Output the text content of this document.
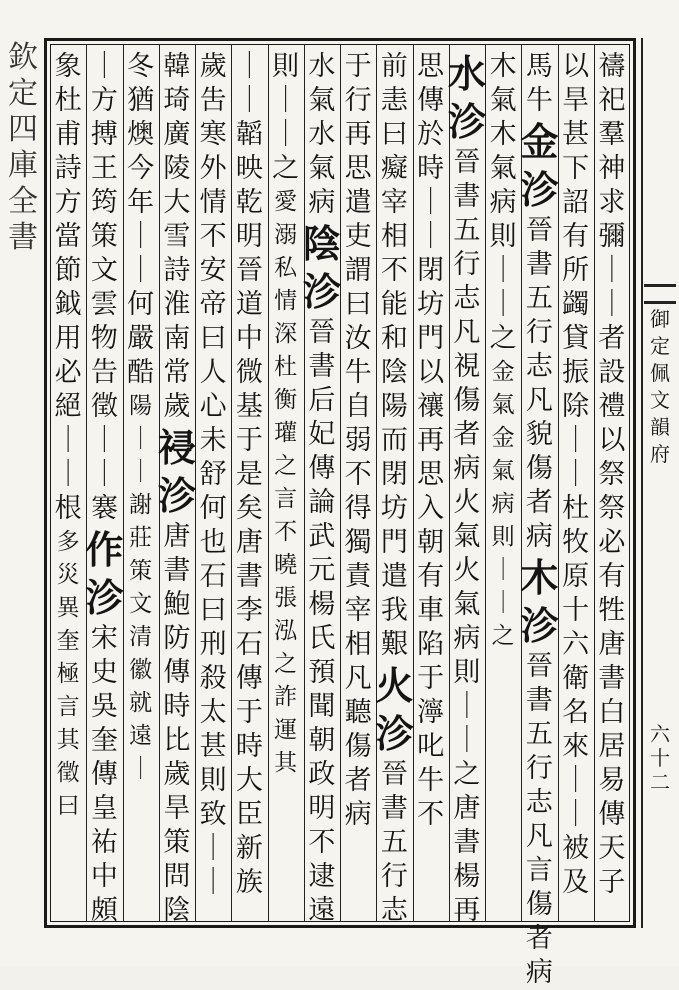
欽
定
四
庫
全
書
御
定
佩
文
韻
府
六
十
二
禱
祀
羣
神
求
彌
｜
｜
者
設
禮
以
祭
祭
必
有
牲
唐
書
白
居
易
傳
天
子
以
旱
甚
下
詔
有
所
蠲
貸
振
除
｜
｜
杜
牧
原
十
六
衛
名
來
｜
｜
被
及
馬
牛
金
沴
晉
書
五
行
志
凡
貌
傷
者
病
木
沴
晉
書
五
行
志
凡
言
傷
者
病
木
氣
木
氣
病
則
｜
｜
之
金
氣
金
氣
病
則
｜
｜
之
水
沴
晉
書
五
行
志
凡
視
傷
者
病
火
氣
火
氣
病
則
｜
｜
之
唐
書
楊
再
思
傳
於
時
｜
｜
閉
坊
門
以
禳
再
思
入
朝
有
車
陷
于
濘
叱
牛
不
前
恚
曰
癡
宰
相
不
能
和
陰
陽
而
閉
坊
門
遣
我
艱
火
沴
晉
書
五
行
志
于
行
再
思
遣
吏
謂
曰
汝
牛
自
弱
不
得
獨
責
宰
相
凡
聽
傷
者
病
水
氣
水
氣
病
陰
沴
晉
書
后
妃
傳
論
武
元
楊
氏
預
聞
朝
政
明
不
逮
遠
則
｜
｜
之
愛
溺
私
情
深
杜
衡
瓘
之
言
不
曉
張
泓
之
詐
運
其
｜
｜
韜
映
乾
明
晉
道
中
微
基
于
是
矣
唐
書
李
石
傳
于
時
大
臣
新
族
歲
吿
寒
外
情
不
安
帝
曰
人
心
未
舒
何
也
石
曰
刑
殺
太
甚
則
致
｜
｜
韓
琦
廣
陵
大
雪
詩
淮
南
常
歲
祲
沴
唐
書
鮑
防
傳
時
比
歲
旱
策
問
陰
冬
猶
燠
今
年
｜
｜
何
嚴
酷
陽
｜
｜
謝
莊
策
文
清
徽
就
遠
｜
｜
方
搏
王
筠
策
文
雲
物
告
徵
｜
｜
褰
作
沴
宋
史
吳
奎
傳
皇
祐
中
頗
象
杜
甫
詩
方
當
節
鉞
用
必
絕
｜
｜
根
多
災
異
奎
極
言
其
徵
曰
